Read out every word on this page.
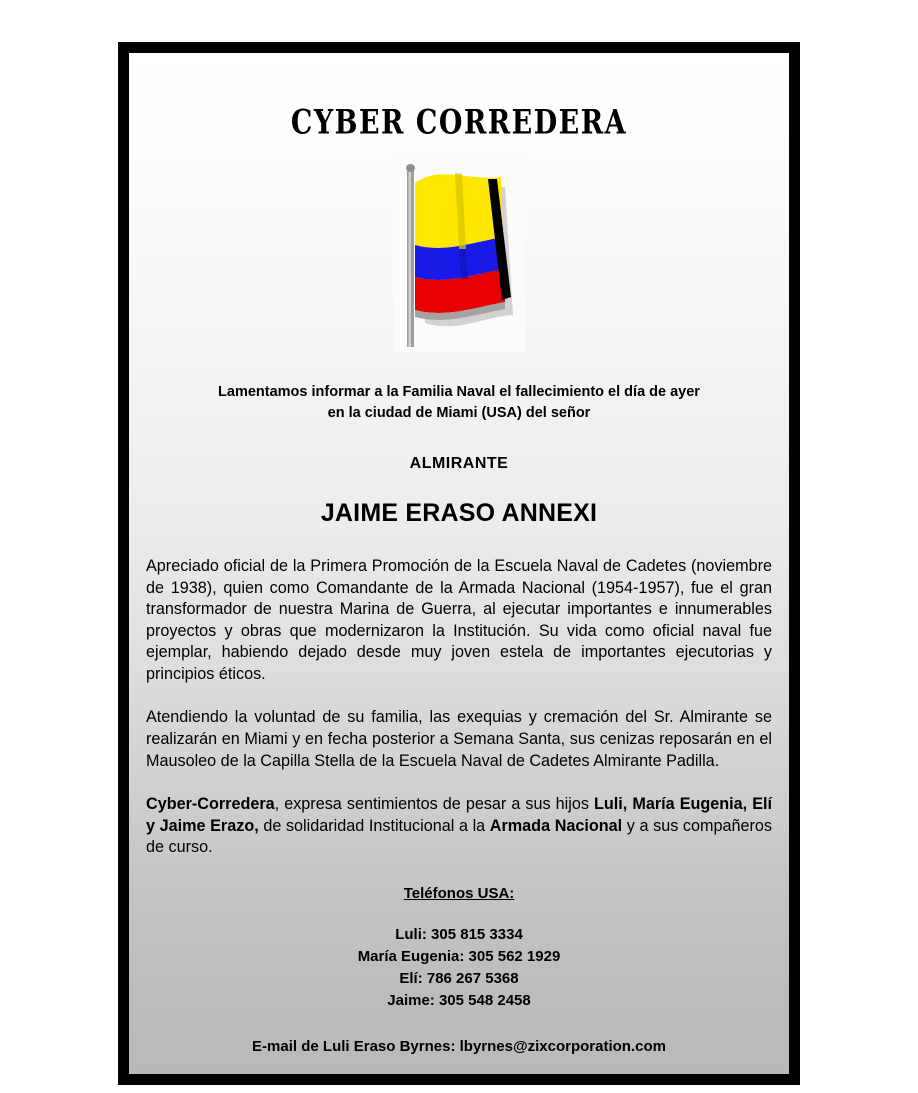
CYBER CORREDERA
Lamentamos informar a la Familia Naval el fallecimiento el día de ayer
en la ciudad de Miami (USA) del señor
ALMIRANTE
JAIME ERASO ANNEXI

Apreciado oficial de la Primera Promoción de la Escuela Naval de Cadetes (noviembre de 1938), quien como Comandante de la Armada Nacional (1954-1957), fue el gran transformador de nuestra Marina de Guerra, al ejecutar importantes e innumerables proyectos y obras que modernizaron la Institución. Su vida como oficial naval fue ejemplar, habiendo dejado desde muy joven estela de importantes ejecutorias y principios éticos.

Atendiendo la voluntad de su familia, las exequias y cremación del Sr. Almirante se realizarán en Miami y en fecha posterior a Semana Santa, sus cenizas reposarán en el Mausoleo de la Capilla Stella de la Escuela Naval de Cadetes Almirante Padilla.

Cyber-Corredera, expresa sentimientos de pesar a sus hijos Luli, María Eugenia, Elí y Jaime Erazo, de solidaridad Institucional a la Armada Nacional y a sus compañeros de curso.

Teléfonos USA:
Luli: 305 815 3334
María Eugenia: 305 562 1929
Elí: 786 267 5368
Jaime: 305 548 2458
E-mail de Luli Eraso Byrnes: lbyrnes@zixcorporation.com
